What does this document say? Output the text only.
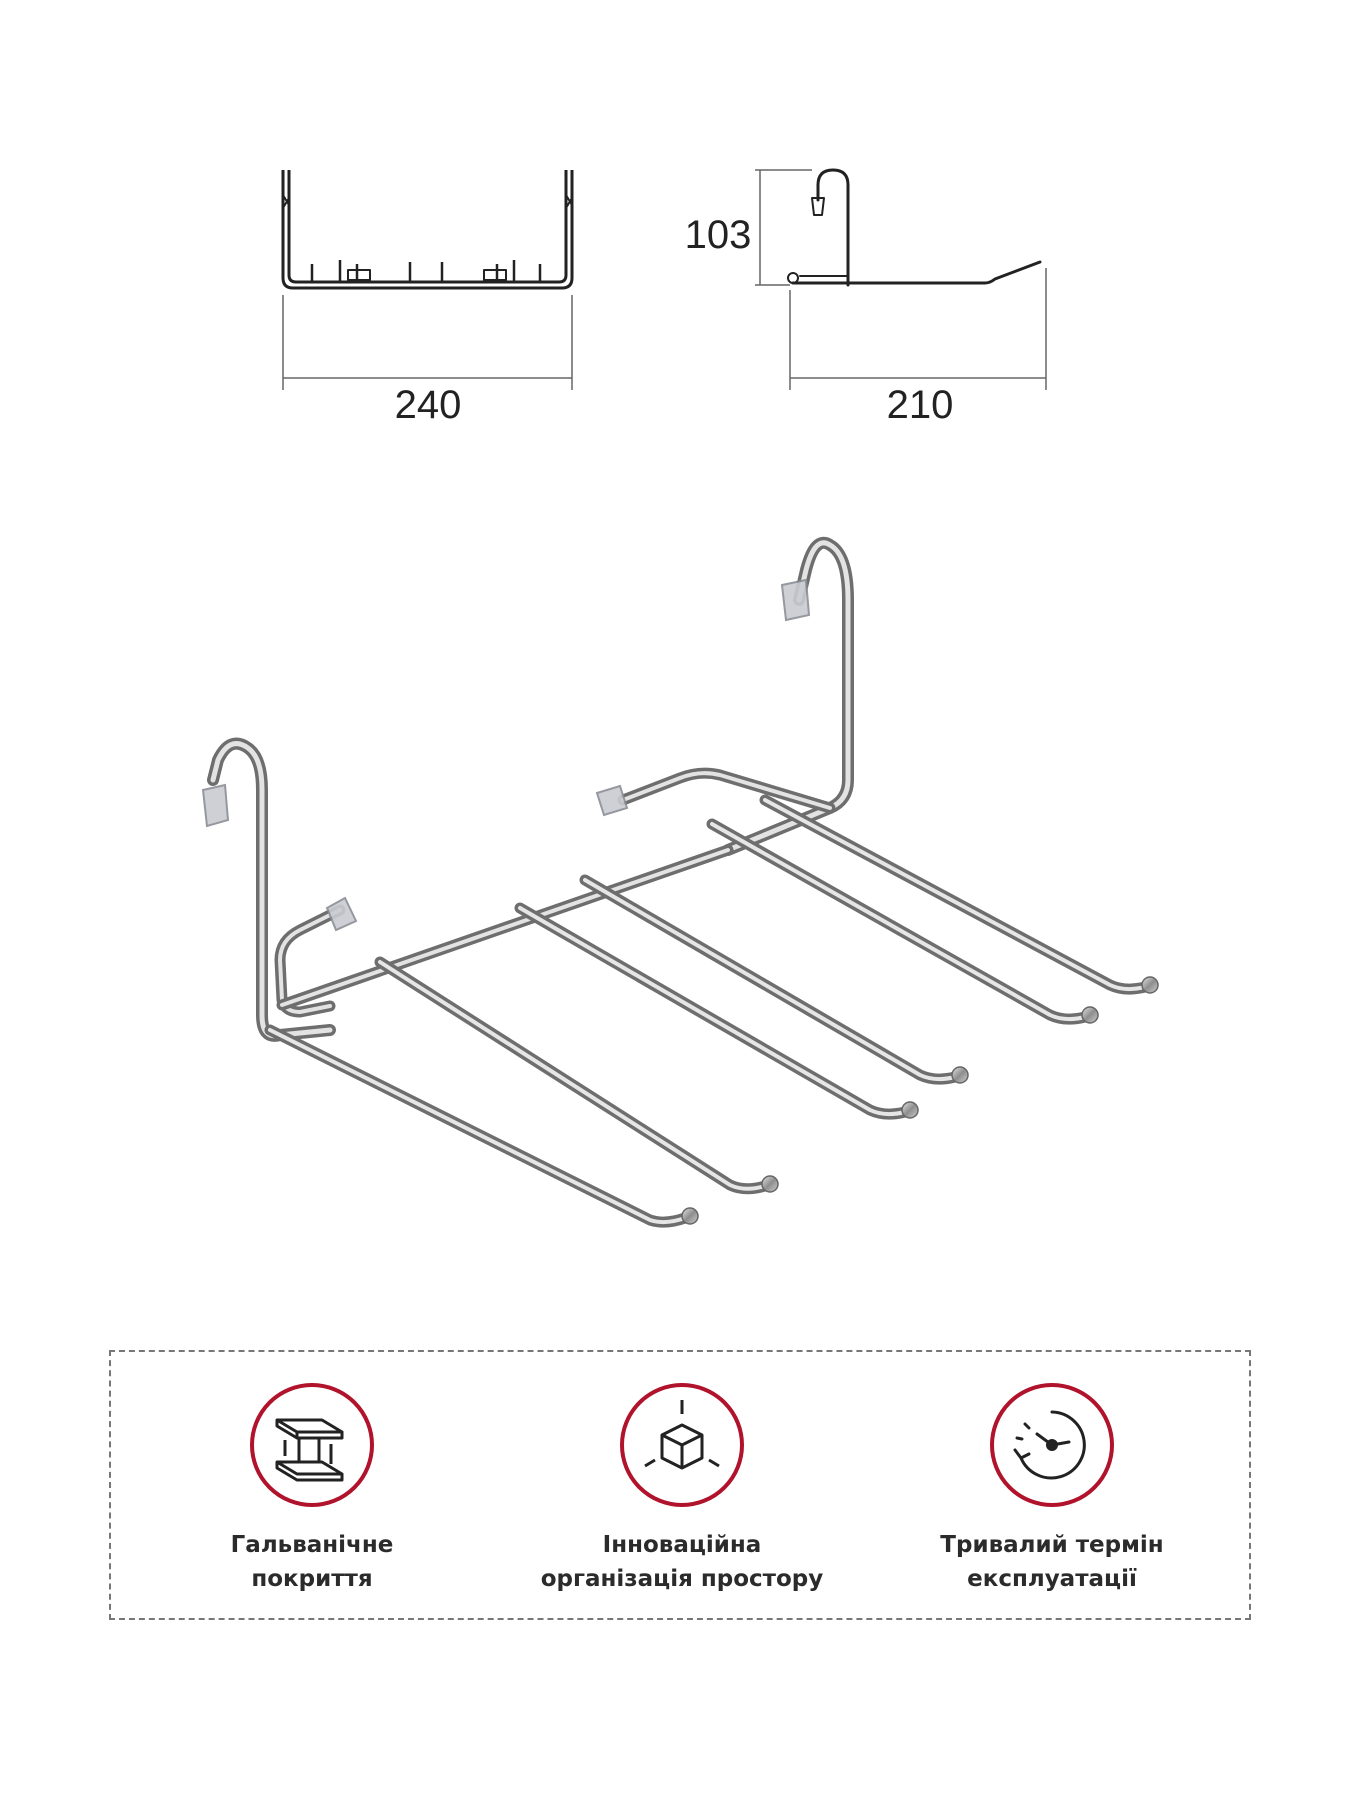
240
103
210
Гальванічне
покриття
Інноваційна
організація простору
Тривалий термін
експлуатації
